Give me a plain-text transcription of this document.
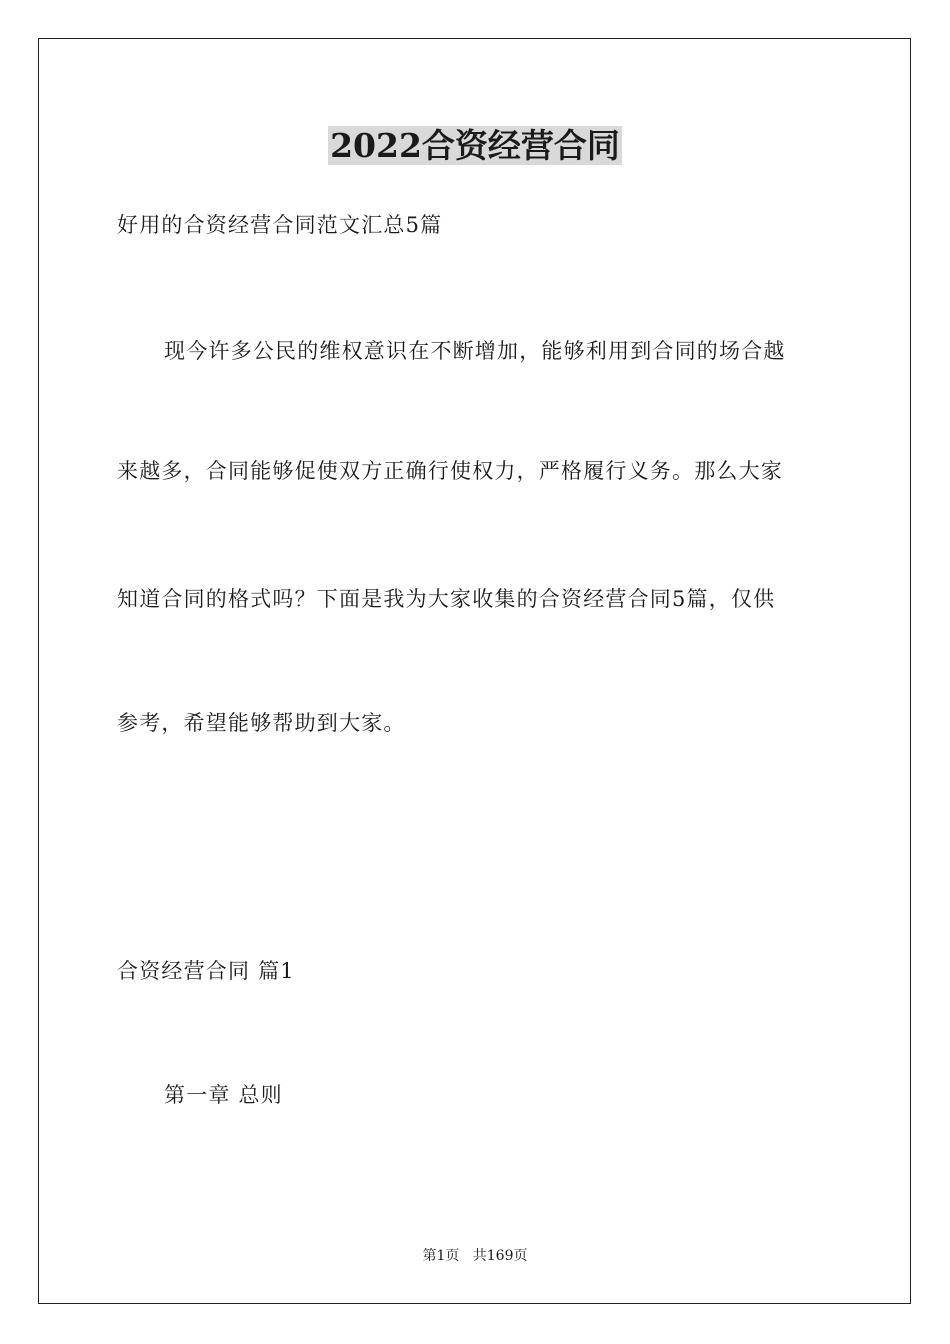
2022合资经营合同

好用的合资经营合同范文汇总5篇

现今许多公民的维权意识在不断增加，能够利用到合同的场合越

来越多，合同能够促使双方正确行使权力，严格履行义务。那么大家

知道合同的格式吗？下面是我为大家收集的合资经营合同5篇，仅供

参考，希望能够帮助到大家。

合资经营合同 篇1

第一章 总则

第1页   共169页
